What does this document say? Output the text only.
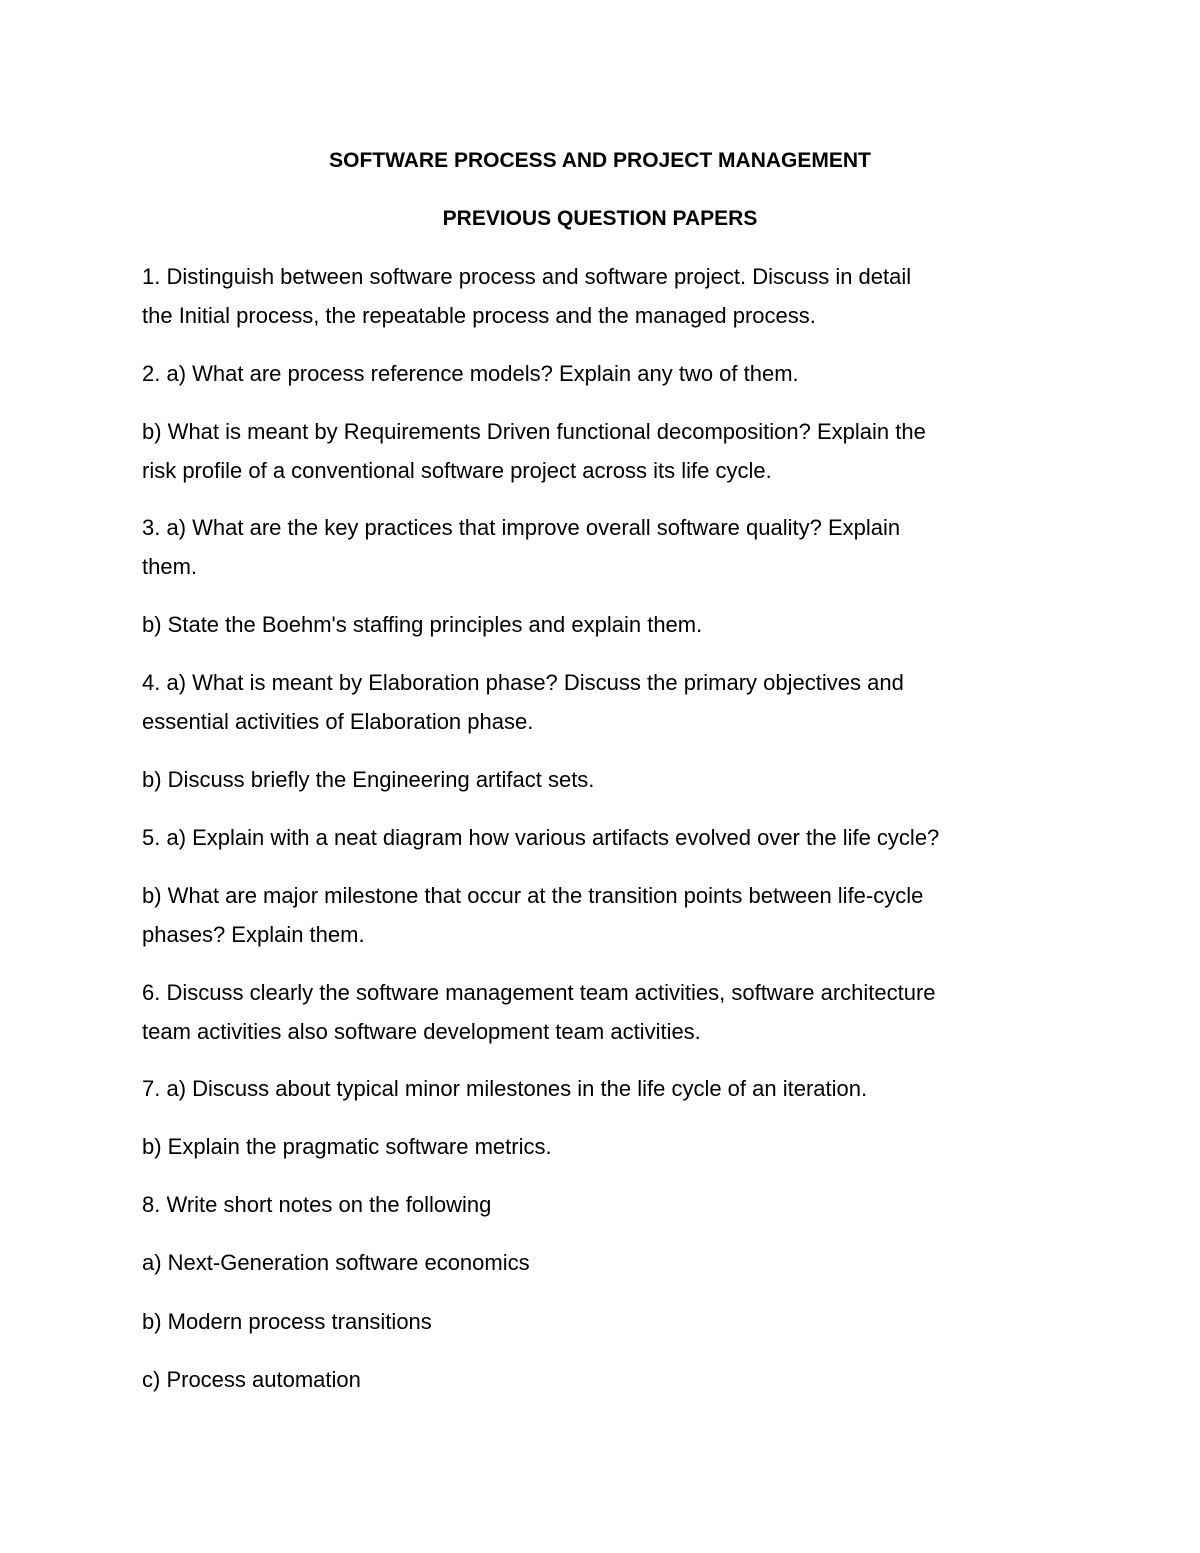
SOFTWARE PROCESS AND PROJECT MANAGEMENT
PREVIOUS QUESTION PAPERS
1. Distinguish between software process and software project. Discuss in detail
the Initial process, the repeatable process and the managed process.
2. a) What are process reference models? Explain any two of them.
b) What is meant by Requirements Driven functional decomposition? Explain the
risk profile of a conventional software project across its life cycle.
3. a) What are the key practices that improve overall software quality? Explain
them.
b) State the Boehm's staffing principles and explain them.
4. a) What is meant by Elaboration phase? Discuss the primary objectives and
essential activities of Elaboration phase.
b) Discuss briefly the Engineering artifact sets.
5. a) Explain with a neat diagram how various artifacts evolved over the life cycle?
b) What are major milestone that occur at the transition points between life-cycle
phases? Explain them.
6. Discuss clearly the software management team activities, software architecture
team activities also software development team activities.
7. a) Discuss about typical minor milestones in the life cycle of an iteration.
b) Explain the pragmatic software metrics.
8. Write short notes on the following
a) Next-Generation software economics
b) Modern process transitions
c) Process automation
